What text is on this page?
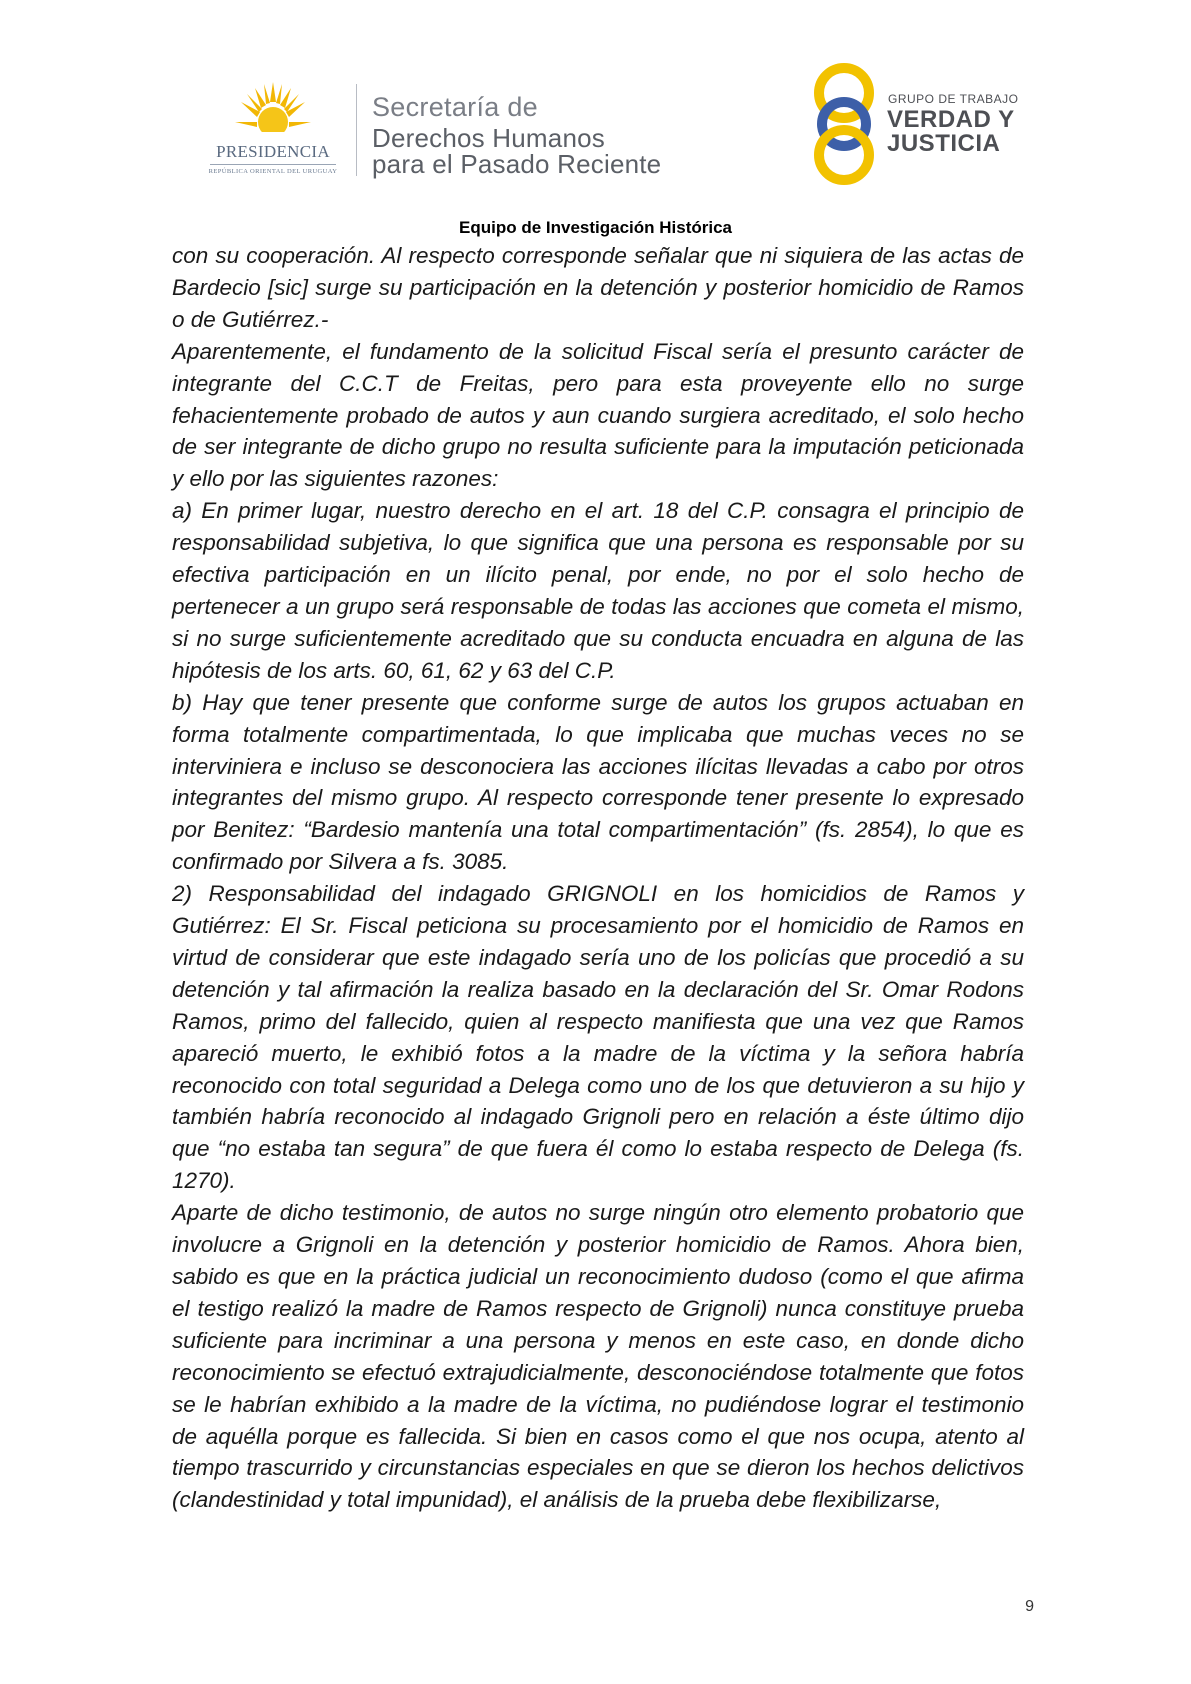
PRESIDENCIA
REPÚBLICA ORIENTAL DEL URUGUAY
Secretaría de
Derechos Humanos
para el Pasado Reciente
GRUPO DE TRABAJO
VERDAD Y
JUSTICIA
Equipo de Investigación Histórica

con su cooperación. Al respecto corresponde señalar que ni siquiera de las actas de Bardecio [sic] surge su participación en la detención y posterior homicidio de Ramos o de Gutiérrez.-

Aparentemente, el fundamento de la solicitud Fiscal sería el presunto carácter de integrante del C.C.T de Freitas, pero para esta proveyente ello no surge fehacientemente probado de autos y aun cuando surgiera acreditado, el solo hecho de ser integrante de dicho grupo no resulta suficiente para la imputación peticionada y ello por las siguientes razones:

a) En primer lugar, nuestro derecho en el art. 18 del C.P. consagra el principio de responsabilidad subjetiva, lo que significa que una persona es responsable por su efectiva participación en un ilícito penal, por ende, no por el solo hecho de pertenecer a un grupo será responsable de todas las acciones que cometa el mismo, si no surge suficientemente acreditado que su conducta encuadra en alguna de las hipótesis de los arts. 60, 61, 62 y 63 del C.P.

b) Hay que tener presente que conforme surge de autos los grupos actuaban en forma totalmente compartimentada, lo que implicaba que muchas veces no se interviniera e incluso se desconociera las acciones ilícitas llevadas a cabo por otros integrantes del mismo grupo. Al respecto corresponde tener presente lo expresado por Benitez: “Bardesio mantenía una total compartimentación” (fs. 2854), lo que es confirmado por Silvera a fs. 3085.

2) Responsabilidad del indagado GRIGNOLI en los homicidios de Ramos y Gutiérrez: El Sr. Fiscal peticiona su procesamiento por el homicidio de Ramos en virtud de considerar que este indagado sería uno de los policías que procedió a su detención y tal afirmación la realiza basado en la declaración del Sr. Omar Rodons Ramos, primo del fallecido, quien al respecto manifiesta que una vez que Ramos apareció muerto, le exhibió fotos a la madre de la víctima y la señora habría reconocido con total seguridad a Delega como uno de los que detuvieron a su hijo y también habría reconocido al indagado Grignoli pero en relación a éste último dijo que “no estaba tan segura” de que fuera él como lo estaba respecto de Delega (fs. 1270).

Aparte de dicho testimonio, de autos no surge ningún otro elemento probatorio que involucre a Grignoli en la detención y posterior homicidio de Ramos. Ahora bien, sabido es que en la práctica judicial un reconocimiento dudoso (como el que afirma el testigo realizó la madre de Ramos respecto de Grignoli) nunca constituye prueba suficiente para incriminar a una persona y menos en este caso, en donde dicho reconocimiento se efectuó extrajudicialmente, desconociéndose totalmente que fotos se le habrían exhibido a la madre de la víctima, no pudiéndose lograr el testimonio de aquélla porque es fallecida. Si bien en casos como el que nos ocupa, atento al tiempo trascurrido y circunstancias especiales en que se dieron los hechos delictivos (clandestinidad y total impunidad), el análisis de la prueba debe flexibilizarse,

9
